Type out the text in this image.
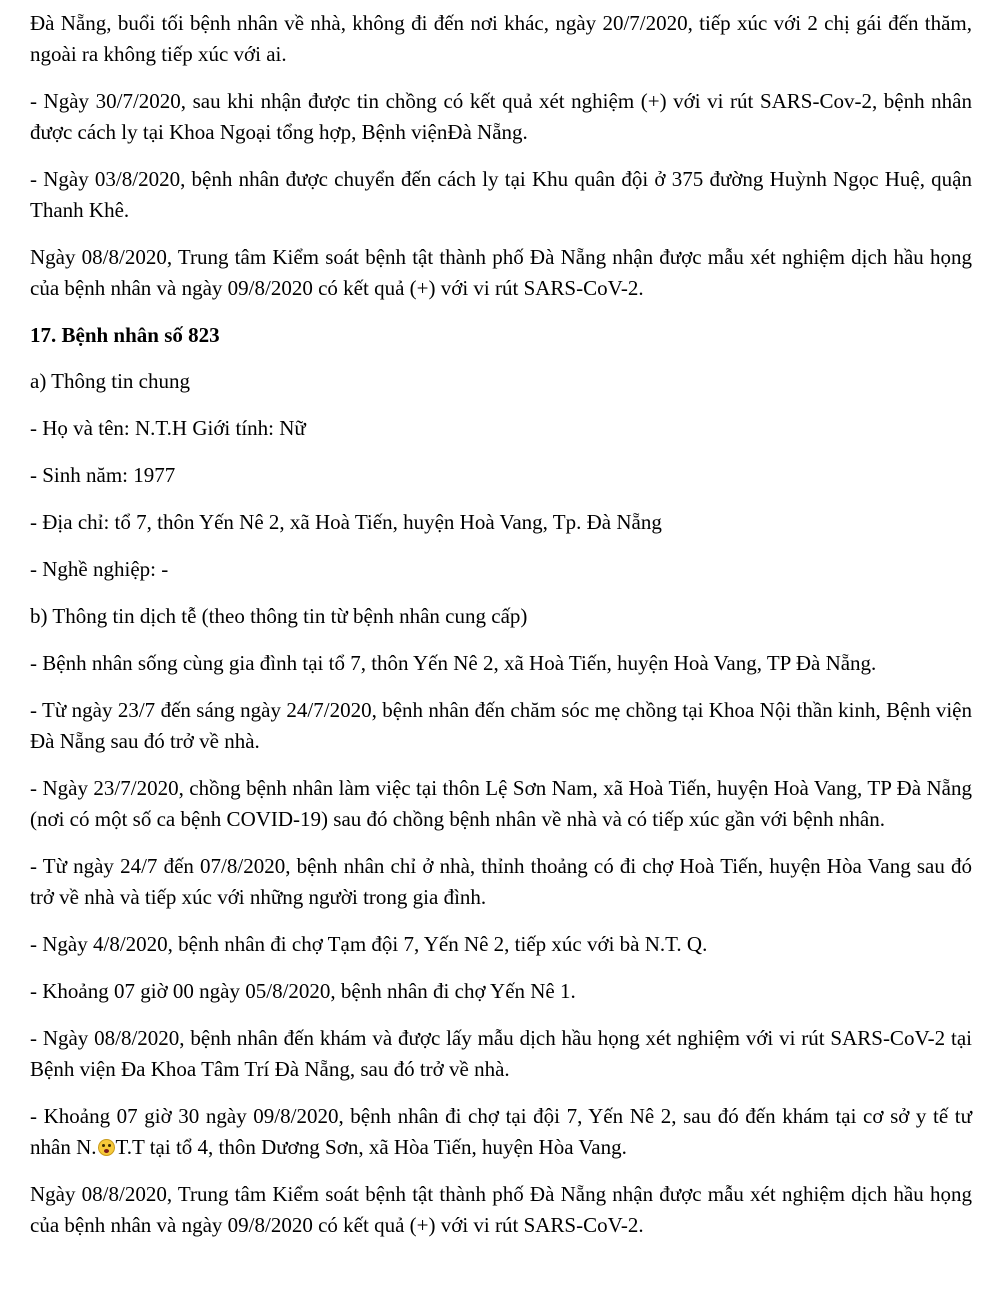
Đà Nẵng, buổi tối bệnh nhân về nhà, không đi đến nơi khác, ngày 20/7/2020, tiếp xúc với 2 chị gái đến thăm, ngoài ra không tiếp xúc với ai.

- Ngày 30/7/2020, sau khi nhận được tin chồng có kết quả xét nghiệm (+) với vi rút SARS-Cov-2, bệnh nhân được cách ly tại Khoa Ngoại tổng hợp, Bệnh việnĐà Nẵng.

- Ngày 03/8/2020, bệnh nhân được chuyển đến cách ly tại Khu quân đội ở 375 đường Huỳnh Ngọc Huệ, quận Thanh Khê.

Ngày 08/8/2020, Trung tâm Kiểm soát bệnh tật thành phố Đà Nẵng nhận được mẫu xét nghiệm dịch hầu họng của bệnh nhân và ngày 09/8/2020 có kết quả (+) với vi rút SARS-CoV-2.

17. Bệnh nhân số 823

a) Thông tin chung

- Họ và tên: N.T.H Giới tính: Nữ

- Sinh năm: 1977

- Địa chỉ: tổ 7, thôn Yến Nê 2, xã Hoà Tiến, huyện Hoà Vang, Tp. Đà Nẵng

- Nghề nghiệp: -

b) Thông tin dịch tễ (theo thông tin từ bệnh nhân cung cấp)

- Bệnh nhân sống cùng gia đình tại tổ 7, thôn Yến Nê 2, xã Hoà Tiến, huyện Hoà Vang, TP Đà Nẵng.

- Từ ngày 23/7 đến sáng ngày 24/7/2020, bệnh nhân đến chăm sóc mẹ chồng tại Khoa Nội thần kinh, Bệnh viện Đà Nẵng sau đó trở về nhà.

- Ngày 23/7/2020, chồng bệnh nhân làm việc tại thôn Lệ Sơn Nam, xã Hoà Tiến, huyện Hoà Vang, TP Đà Nẵng (nơi có một số ca bệnh COVID-19) sau đó chồng bệnh nhân về nhà và có tiếp xúc gần với bệnh nhân.

- Từ ngày 24/7 đến 07/8/2020, bệnh nhân chỉ ở nhà, thỉnh thoảng có đi chợ Hoà Tiến, huyện Hòa Vang sau đó trở về nhà và tiếp xúc với những người trong gia đình.

- Ngày 4/8/2020, bệnh nhân đi chợ Tạm đội 7, Yến Nê 2, tiếp xúc với bà N.T. Q.

- Khoảng 07 giờ 00 ngày 05/8/2020, bệnh nhân đi chợ Yến Nê 1.

- Ngày 08/8/2020, bệnh nhân đến khám và được lấy mẫu dịch hầu họng xét nghiệm với vi rút SARS-CoV-2 tại Bệnh viện Đa Khoa Tâm Trí Đà Nẵng, sau đó trở về nhà.

- Khoảng 07 giờ 30 ngày 09/8/2020, bệnh nhân đi chợ tại đội 7, Yến Nê 2, sau đó đến khám tại cơ sở y tế tư nhân N. T.T tại tổ 4, thôn Dương Sơn, xã Hòa Tiến, huyện Hòa Vang.

Ngày 08/8/2020, Trung tâm Kiểm soát bệnh tật thành phố Đà Nẵng nhận được mẫu xét nghiệm dịch hầu họng của bệnh nhân và ngày 09/8/2020 có kết quả (+) với vi rút SARS-CoV-2.
